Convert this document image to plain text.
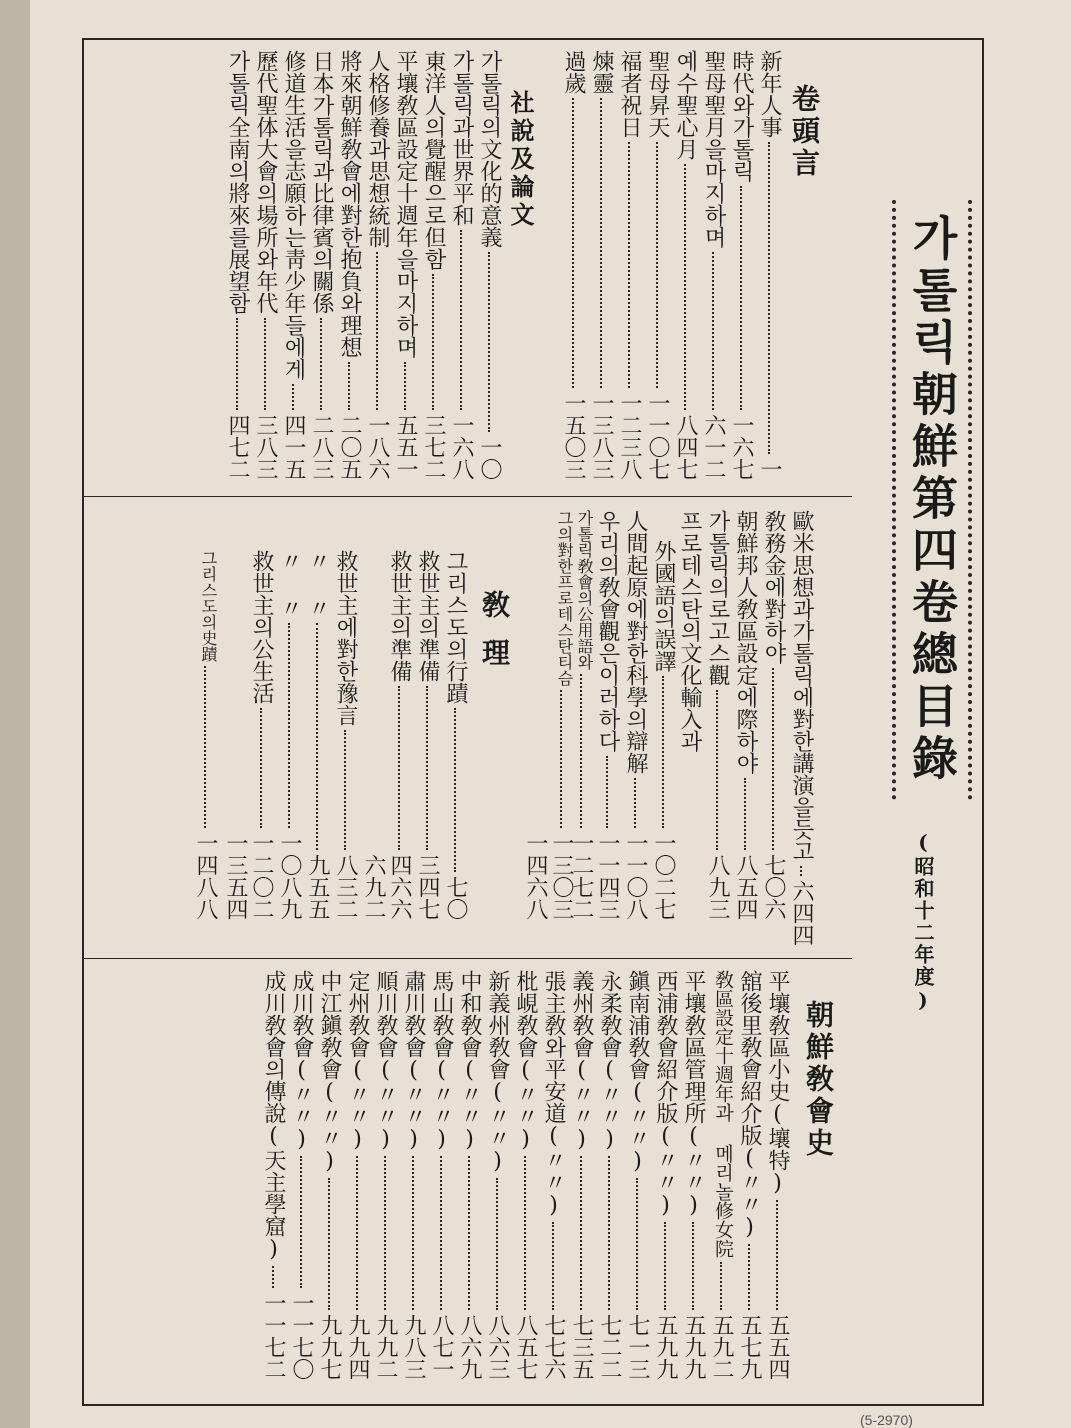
가톨릭朝鮮第四卷總目錄
(昭和十二年度)
卷頭言
新年人事
一
時代와가톨릭
一六七
聖母聖月을마지하며
六一二
예수聖心月
八四七
聖母昇天
一一〇七
福者祝日
一二三八
煉靈
一三八三
過歲
一五〇三
社說及論文
가톨릭의文化的意義
一〇
가톨릭과世界平和
一六八
東洋人의覺醒으로但함
三七二
平壤敎區設定十週年을마지하며
五五一
人格修養과思想統制
一八六
將來朝鮮敎會에對한抱負와理想
二〇五
日本가톨릭과比律賓의關係
二八三
修道生活을志願하는靑少年들에게
四一五
歷代聖体大會의場所와年代
三八三
가톨릭全南의將來를展望함
四七二
歐米思想과가톨릭에對한講演을듯고
六四四
敎務金에對하야
七〇六
朝鮮邦人敎區設定에際하야
八五四
가톨릭의로고스觀
八九三
프로테스탄의文化輸入과
外國語의誤譯
一〇二七
人間起原에對한科學의辯解
一一〇八
우리의敎會觀은이러하다
一一四三
가톨릭敎會의公用語와
一二七二
그의對한프로테스탄티슴
一三〇三
一四六八
敎理
그리스도의行蹟
七〇
救世主의準備
三四七
救世主의準備
四六六
六九二
救世主에對한豫言
八三二
〃 〃
九五五
〃 〃
一〇八九
救世主의公生活
一二〇二
一三五四
그리스도의史蹟
一四八八
朝鮮敎會史
平壤敎區小史(壤特)
五五四
舘後里敎會紹介版(〃〃)
五七九
敎區設定十週年과 메리놀修女院
五九二
平壤敎區管理所(〃〃)
五九九
西浦敎會紹介版(〃〃)
五九九
鎭南浦敎會(〃〃)
七一三
永柔敎會(〃〃)
七二二
義州敎會(〃〃)
七三五
張主敎와平安道(〃〃)
七七六
枇峴敎會(〃〃)
八五七
新義州敎會(〃〃)
八六三
中和敎會(〃〃)
八六九
馬山敎會(〃〃)
八七一
肅川敎會(〃〃)
九八三
順川敎會(〃〃)
九九二
定州敎會(〃〃)
九九四
中江鎭敎會(〃〃)
九九七
成川敎會(〃〃)
一一七〇
成川敎會의傳說(天主學窟)
一一七二
(5-2970)
